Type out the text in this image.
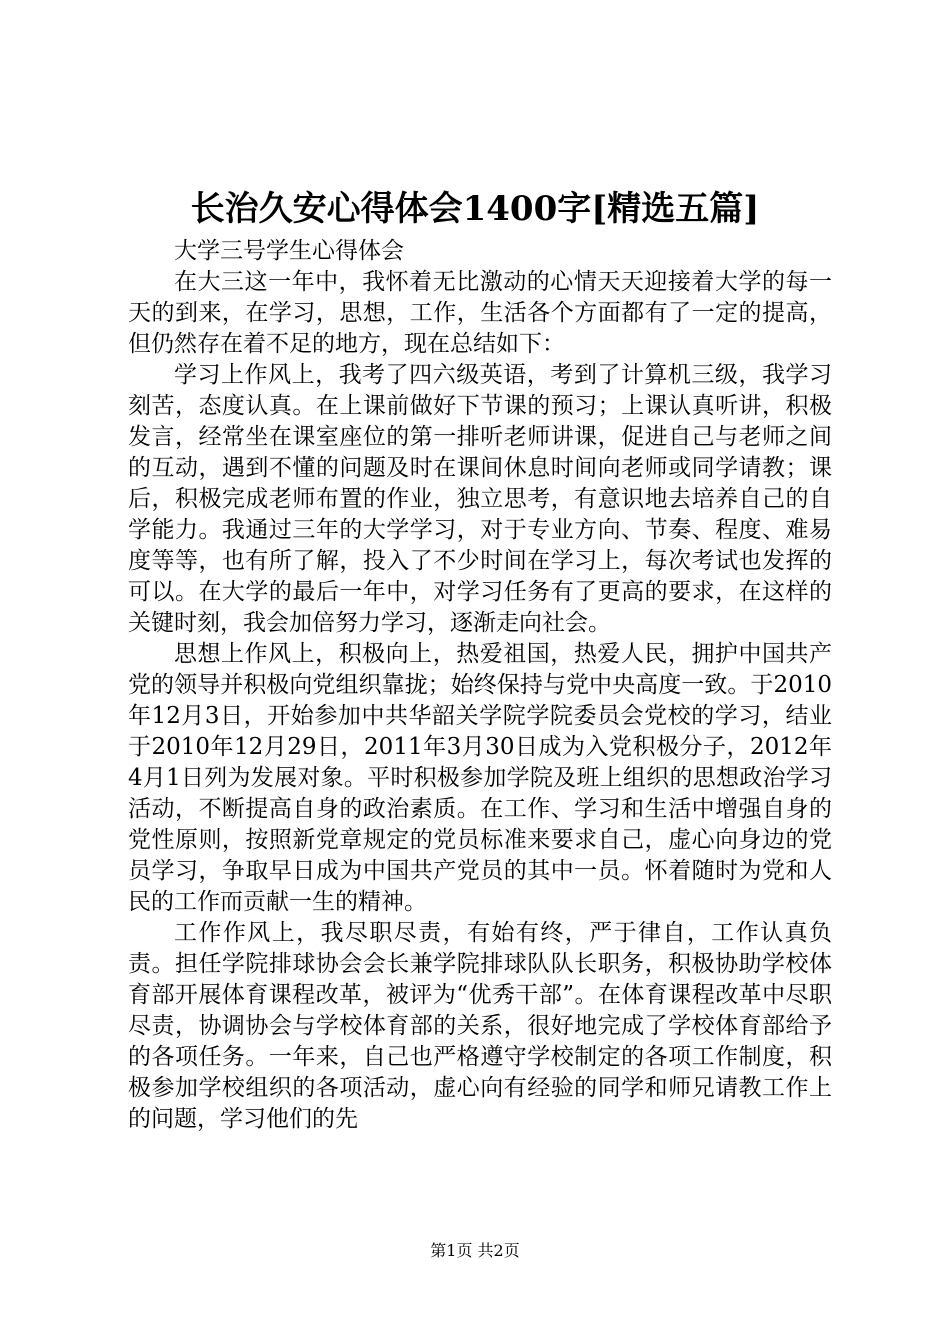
长治久安心得体会1400字[精选五篇]

大学三号学生心得体会

在大三这一年中，我怀着无比激动的心情天天迎接着大学的每一天的到来，在学习，思想，工作，生活各个方面都有了一定的提高，但仍然存在着不足的地方，现在总结如下：

学习上作风上，我考了四六级英语，考到了计算机三级，我学习刻苦，态度认真。在上课前做好下节课的预习；上课认真听讲，积极发言，经常坐在课室座位的第一排听老师讲课，促进自己与老师之间的互动，遇到不懂的问题及时在课间休息时间向老师或同学请教；课后，积极完成老师布置的作业，独立思考，有意识地去培养自己的自学能力。我通过三年的大学学习，对于专业方向、节奏、程度、难易度等等，也有所了解，投入了不少时间在学习上，每次考试也发挥的可以。在大学的最后一年中，对学习任务有了更高的要求，在这样的关键时刻，我会加倍努力学习，逐渐走向社会。

思想上作风上，积极向上，热爱祖国，热爱人民，拥护中国共产党的领导并积极向党组织靠拢；始终保持与党中央高度一致。于2010年12月3日，开始参加中共华韶关学院学院委员会党校的学习，结业于2010年12月29日，2011年3月30日成为入党积极分子，2012年4月1日列为发展对象。平时积极参加学院及班上组织的思想政治学习活动，不断提高自身的政治素质。在工作、学习和生活中增强自身的党性原则，按照新党章规定的党员标准来要求自己，虚心向身边的党员学习，争取早日成为中国共产党员的其中一员。怀着随时为党和人民的工作而贡献一生的精神。

工作作风上，我尽职尽责，有始有终，严于律自，工作认真负责。担任学院排球协会会长兼学院排球队队长职务，积极协助学校体育部开展体育课程改革，被评为“优秀干部”。在体育课程改革中尽职尽责，协调协会与学校体育部的关系，很好地完成了学校体育部给予的各项任务。一年来，自己也严格遵守学校制定的各项工作制度，积极参加学校组织的各项活动，虚心向有经验的同学和师兄请教工作上的问题，学习他们的先

第1页 共2页
